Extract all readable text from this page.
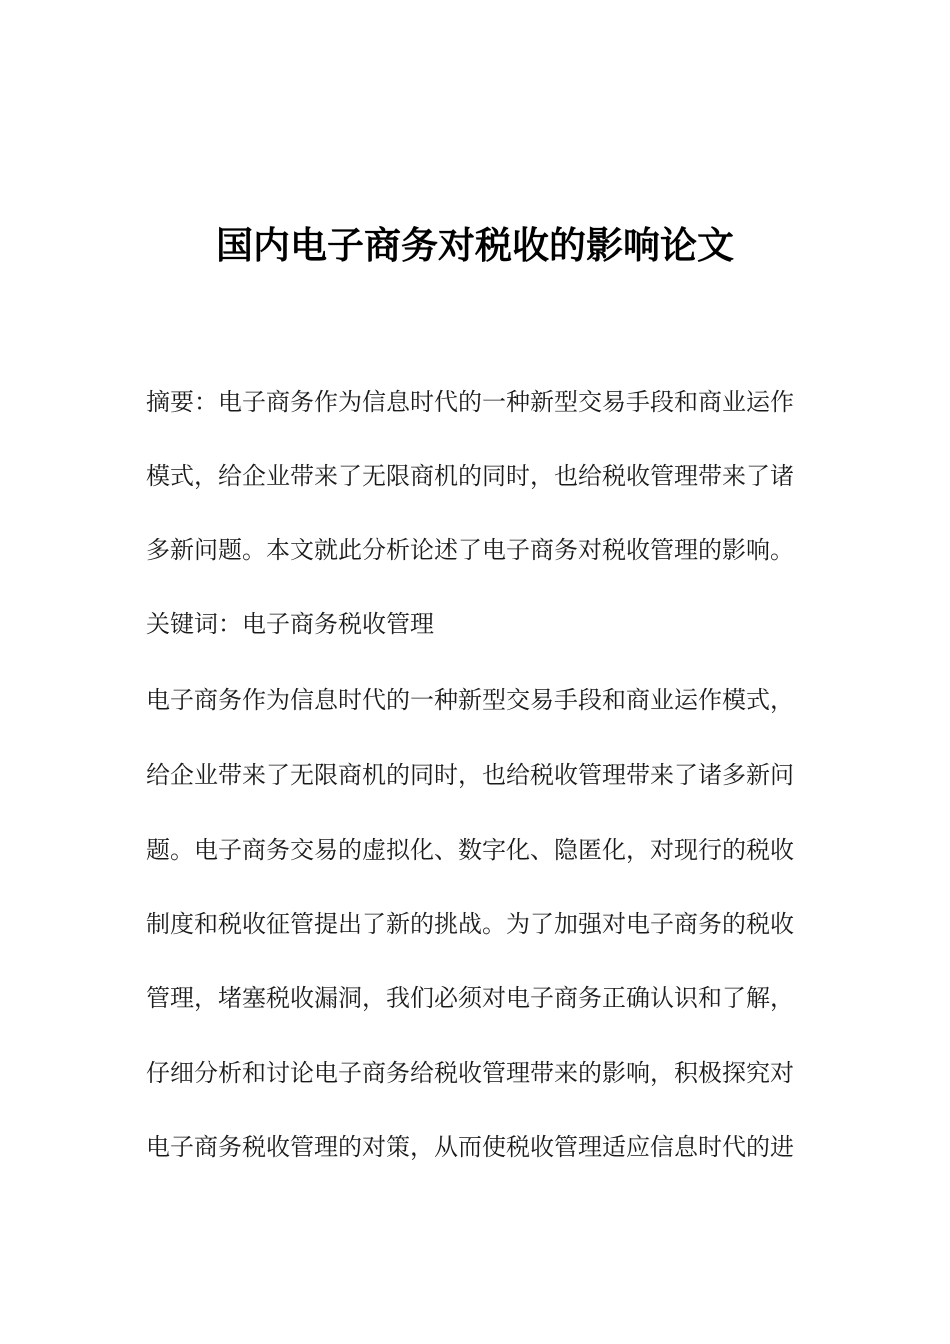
国内电子商务对税收的影响论文
摘要：电子商务作为信息时代的一种新型交易手段和商业运作
模式，给企业带来了无限商机的同时，也给税收管理带来了诸
多新问题。本文就此分析论述了电子商务对税收管理的影响。
关键词：电子商务税收管理
电子商务作为信息时代的一种新型交易手段和商业运作模式，
给企业带来了无限商机的同时，也给税收管理带来了诸多新问
题。电子商务交易的虚拟化、数字化、隐匿化，对现行的税收
制度和税收征管提出了新的挑战。为了加强对电子商务的税收
管理，堵塞税收漏洞，我们必须对电子商务正确认识和了解，
仔细分析和讨论电子商务给税收管理带来的影响，积极探究对
电子商务税收管理的对策，从而使税收管理适应信息时代的进
